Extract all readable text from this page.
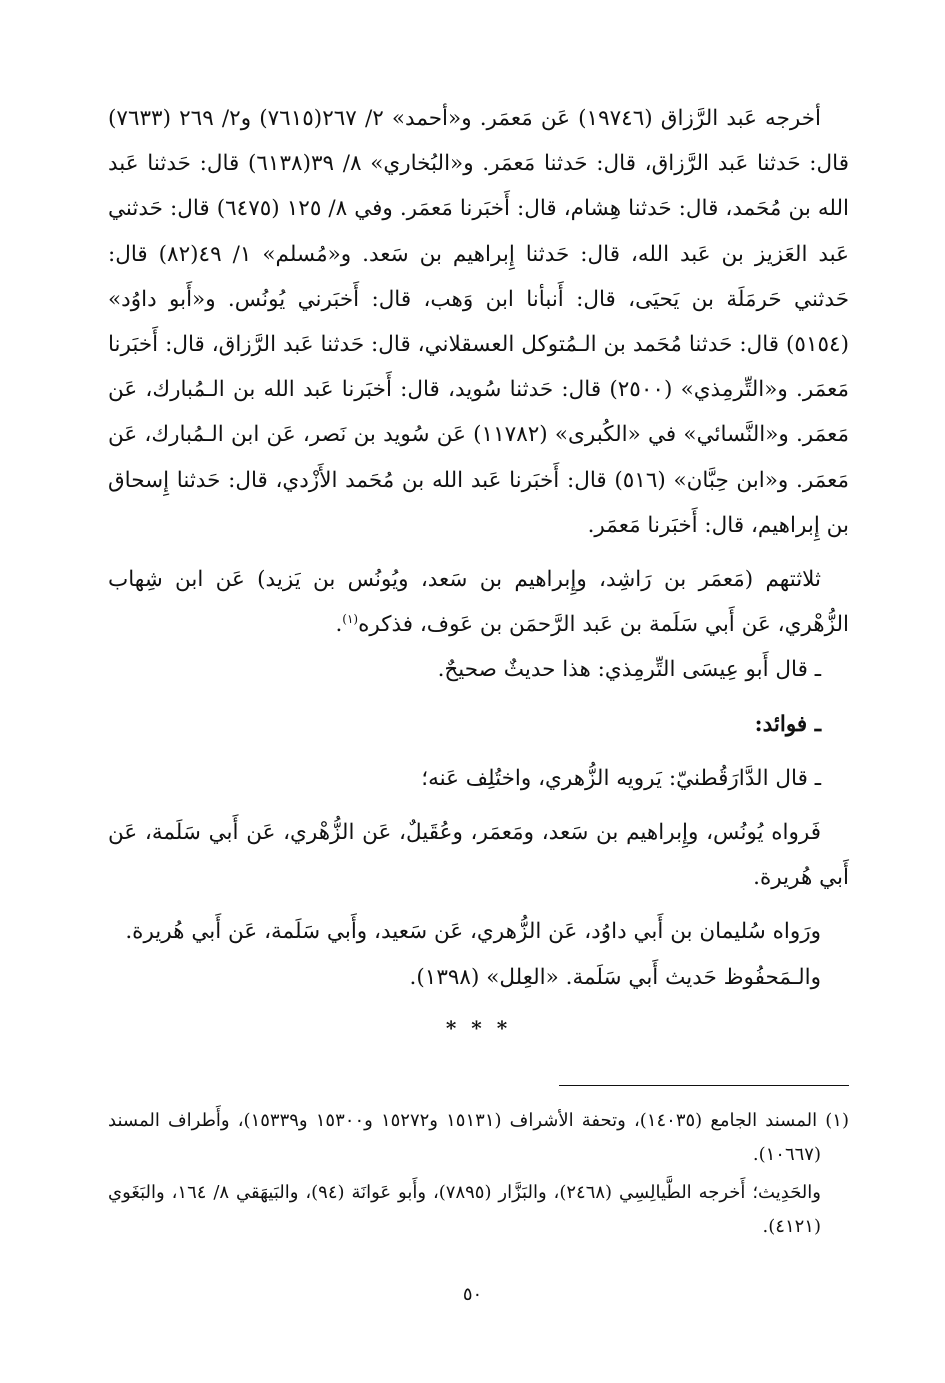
أخرجه عَبد الرَّزاق (١٩٧٤٦) عَن مَعمَر. و«أحمد» ٢/ ٢٦٧(٧٦١٥) و٢/ ٢٦٩ (٧٦٣٣) قال: حَدثنا عَبد الرَّزاق، قال: حَدثنا مَعمَر. و«البُخاري» ٨/ ٣٩(٦١٣٨) قال: حَدثنا عَبد الله بن مُحَمد، قال: حَدثنا هِشام، قال: أَخبَرنا مَعمَر. وفي ٨/ ١٢٥ (٦٤٧٥) قال: حَدثني عَبد العَزيز بن عَبد الله، قال: حَدثنا إِبراهيم بن سَعد. و«مُسلم» ١/ ٤٩(٨٢) قال: حَدثني حَرمَلَة بن يَحيَى، قال: أَنبأنا ابن وَهب، قال: أَخبَرني يُونُس. و«أَبو داوُد» (٥١٥٤) قال: حَدثنا مُحَمد بن الـمُتوكل العسقلاني، قال: حَدثنا عَبد الرَّزاق، قال: أَخبَرنا مَعمَر. و«التِّرمِذي» (٢٥٠٠) قال: حَدثنا سُويد، قال: أَخبَرنا عَبد الله بن الـمُبارك، عَن مَعمَر. و«النَّسائي» في «الكُبرى» (١١٧٨٢) عَن سُويد بن نَصر، عَن ابن الـمُبارك، عَن مَعمَر. و«ابن حِبَّان» (٥١٦) قال: أَخبَرنا عَبد الله بن مُحَمد الأَزْدي، قال: حَدثنا إِسحاق بن إِبراهيم، قال: أَخبَرنا مَعمَر.

ثلاثتهم (مَعمَر بن رَاشِد، وإِبراهيم بن سَعد، ويُونُس بن يَزيد) عَن ابن شِهاب الزُّهْري، عَن أَبي سَلَمة بن عَبد الرَّحمَن بن عَوف، فذكره$^{(١)}$.

ـ قال أَبو عِيسَى التِّرمِذي: هذا حديثٌ صحيحٌ.

ـ فوائد:

ـ قال الدَّارَقُطنيّ: يَرويه الزُّهري، واختُلِف عَنه؛

فَرواه يُونُس، وإِبراهيم بن سَعد، ومَعمَر، وعُقَيلٌ، عَن الزُّهْري، عَن أَبي سَلَمة، عَن أَبي هُريرة.

ورَواه سُليمان بن أَبي داوُد، عَن الزُّهري، عَن سَعيد، وأَبي سَلَمة، عَن أَبي هُريرة.

والـمَحفُوظ حَديث أَبي سَلَمة. «العِلل» (١٣٩٨).

* * *

(١) المسند الجامع (١٤٠٣٥)، وتحفة الأشراف (١٥١٣١ و١٥٢٧٢ و١٥٣٠٠ و١٥٣٣٩)، وأَطراف المسند (١٠٦٦٧).

والحَدِيث؛ أَخرجه الطَّيالِسِي (٢٤٦٨)، والبَزَّار (٧٨٩٥)، وأَبو عَوانَة (٩٤)، والبَيهَقي ٨/ ١٦٤، والبَغَوي (٤١٢١).

٥٠
